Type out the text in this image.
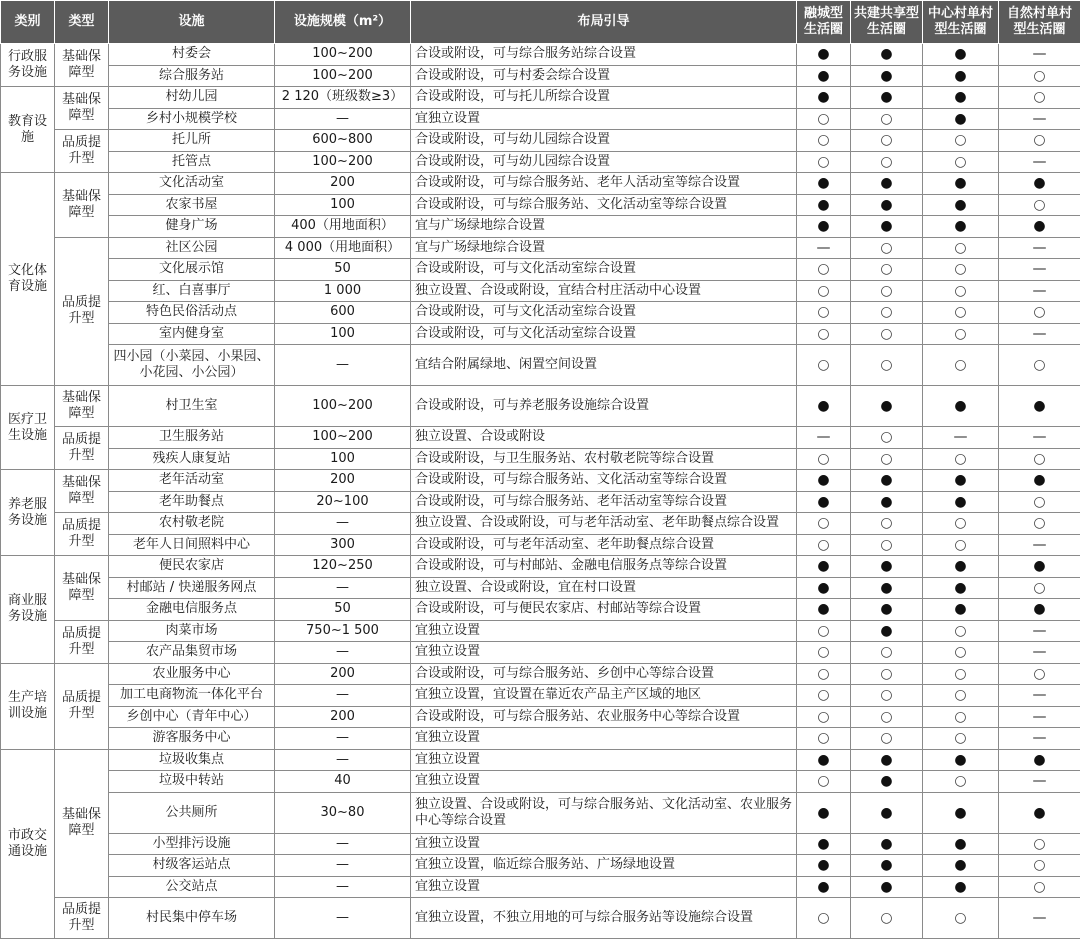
类别	类型	设施	设施规模（m²）	布局引导	融城型生活圈	共建共享型生活圈	中心村单村型生活圈	自然村单村型生活圈
行政服务设施	基础保障型	村委会	100~200	合设或附设，可与综合服务站综合设置	●	●	●	—
		综合服务站	100~200	合设或附设，可与村委会综合设置	●	●	●	○
教育设施	基础保障型	村幼儿园	2 120（班级数≥3）	合设或附设，可与托儿所综合设置	●	●	●	○
		乡村小规模学校	—	宜独立设置	○	○	●	—
	品质提升型	托儿所	600~800	合设或附设，可与幼儿园综合设置	○	○	○	○
		托管点	100~200	合设或附设，可与幼儿园综合设置	○	○	○	—
文化体育设施	基础保障型	文化活动室	200	合设或附设，可与综合服务站、老年人活动室等综合设置	●	●	●	●
		农家书屋	100	合设或附设，可与综合服务站、文化活动室等综合设置	●	●	●	○
		健身广场	400（用地面积）	宜与广场绿地综合设置	●	●	●	●
	品质提升型	社区公园	4 000（用地面积）	宜与广场绿地综合设置	—	○	○	—
		文化展示馆	50	合设或附设，可与文化活动室综合设置	○	○	○	—
		红、白喜事厅	1 000	独立设置、合设或附设，宜结合村庄活动中心设置	○	○	○	—
		特色民俗活动点	600	合设或附设，可与文化活动室综合设置	○	○	○	○
		室内健身室	100	合设或附设，可与文化活动室综合设置	○	○	○	—
		四小园（小菜园、小果园、小花园、小公园）	—	宜结合附属绿地、闲置空间设置	○	○	○	○
医疗卫生设施	基础保障型	村卫生室	100~200	合设或附设，可与养老服务设施综合设置	●	●	●	●
	品质提升型	卫生服务站	100~200	独立设置、合设或附设	—	○	—	—
		残疾人康复站	100	合设或附设，与卫生服务站、农村敬老院等综合设置	○	○	○	○
养老服务设施	基础保障型	老年活动室	200	合设或附设，可与综合服务站、文化活动室等综合设置	●	●	●	●
		老年助餐点	20~100	合设或附设，可与综合服务站、老年活动室等综合设置	●	●	●	○
	品质提升型	农村敬老院	—	独立设置、合设或附设，可与老年活动室、老年助餐点综合设置	○	○	○	○
		老年人日间照料中心	300	合设或附设，可与老年活动室、老年助餐点综合设置	○	○	○	—
商业服务设施	基础保障型	便民农家店	120~250	合设或附设，可与村邮站、金融电信服务点等综合设置	●	●	●	●
		村邮站 / 快递服务网点	—	独立设置、合设或附设，宜在村口设置	●	●	●	○
		金融电信服务点	50	合设或附设，可与便民农家店、村邮站等综合设置	●	●	●	●
	品质提升型	肉菜市场	750~1 500	宜独立设置	○	●	○	—
		农产品集贸市场	—	宜独立设置	○	○	○	—
生产培训设施	品质提升型	农业服务中心	200	合设或附设，可与综合服务站、乡创中心等综合设置	○	○	○	○
		加工电商物流一体化平台	—	宜独立设置，宜设置在靠近农产品主产区域的地区	○	○	○	—
		乡创中心（青年中心）	200	合设或附设，可与综合服务站、农业服务中心等综合设置	○	○	○	—
		游客服务中心	—	宜独立设置	○	○	○	—
市政交通设施	基础保障型	垃圾收集点	—	宜独立设置	●	●	●	●
		垃圾中转站	40	宜独立设置	○	●	○	—
		公共厕所	30~80	独立设置、合设或附设，可与综合服务站、文化活动室、农业服务中心等综合设置	●	●	●	●
		小型排污设施	—	宜独立设置	●	●	●	○
		村级客运站点	—	宜独立设置，临近综合服务站、广场绿地设置	●	●	●	○
		公交站点	—	宜独立设置	●	●	●	○
	品质提升型	村民集中停车场	—	宜独立设置，不独立用地的可与综合服务站等设施综合设置	○	○	○	—
